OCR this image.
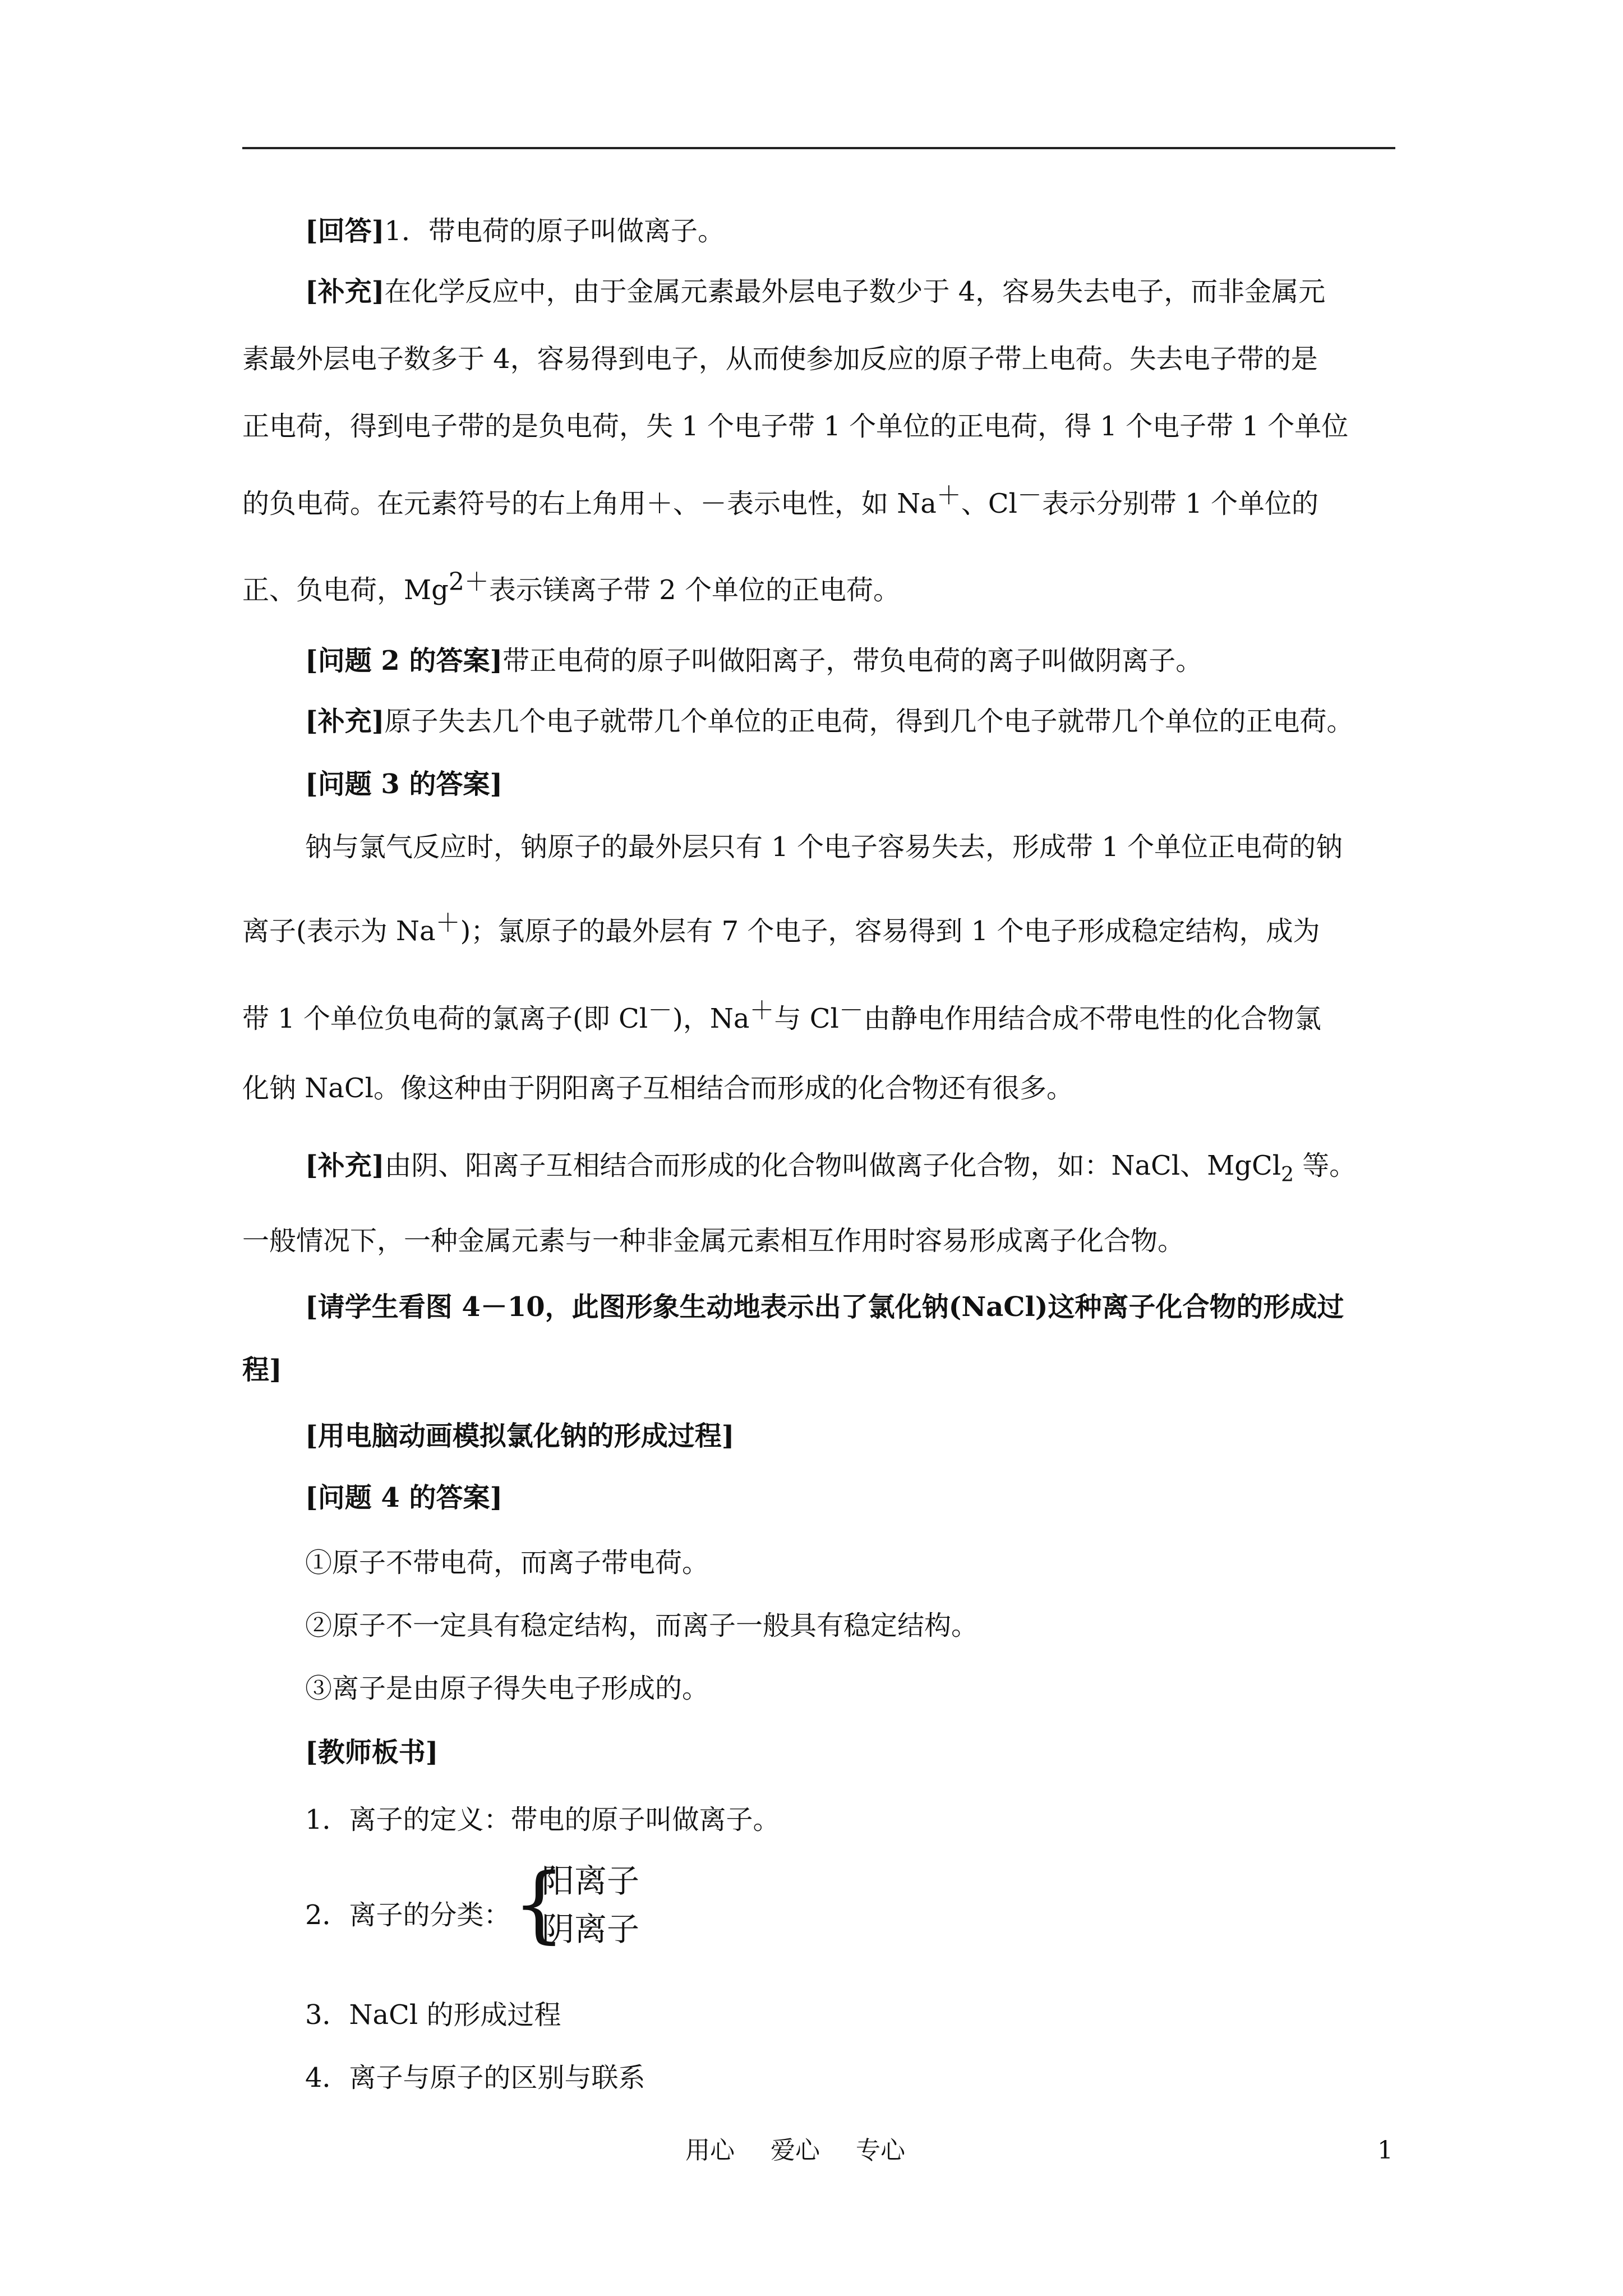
[回答]1．带电荷的原子叫做离子。
[补充]在化学反应中，由于金属元素最外层电子数少于 4，容易失去电子，而非金属元
素最外层电子数多于 4，容易得到电子，从而使参加反应的原子带上电荷。失去电子带的是
正电荷，得到电子带的是负电荷，失 1 个电子带 1 个单位的正电荷，得 1 个电子带 1 个单位
的负电荷。在元素符号的右上角用＋、－表示电性，如 Na＋、Cl－表示分别带 1 个单位的
正、负电荷，$Mg^{2+}$表示镁离子带 2 个单位的正电荷。
[问题 2 的答案]带正电荷的原子叫做阳离子，带负电荷的离子叫做阴离子。
[补充]原子失去几个电子就带几个单位的正电荷，得到几个电子就带几个单位的正电荷。
[问题 3 的答案]
钠与氯气反应时，钠原子的最外层只有 1 个电子容易失去，形成带 1 个单位正电荷的钠
离子(表示为 Na＋)；氯原子的最外层有 7 个电子，容易得到 1 个电子形成稳定结构，成为
带 1 个单位负电荷的氯离子(即 Cl－)，Na＋与 Cl－由静电作用结合成不带电性的化合物氯
化钠 NaCl。像这种由于阴阳离子互相结合而形成的化合物还有很多。
[补充]由阴、阳离子互相结合而形成的化合物叫做离子化合物，如：NaCl、MgCl$_2$ 等。
一般情况下，一种金属元素与一种非金属元素相互作用时容易形成离子化合物。
[请学生看图 4－10，此图形象生动地表示出了氯化钠(NaCl)这种离子化合物的形成过
程]
[用电脑动画模拟氯化钠的形成过程]
[问题 4 的答案]
①原子不带电荷，而离子带电荷。
②原子不一定具有稳定结构，而离子一般具有稳定结构。
③离子是由原子得失电子形成的。
[教师板书]
1．离子的定义：带电的原子叫做离子。
2．离子的分类： {
阳离子
阴离子
3．NaCl 的形成过程
4．离子与原子的区别与联系
用心 爱心 专心	1
